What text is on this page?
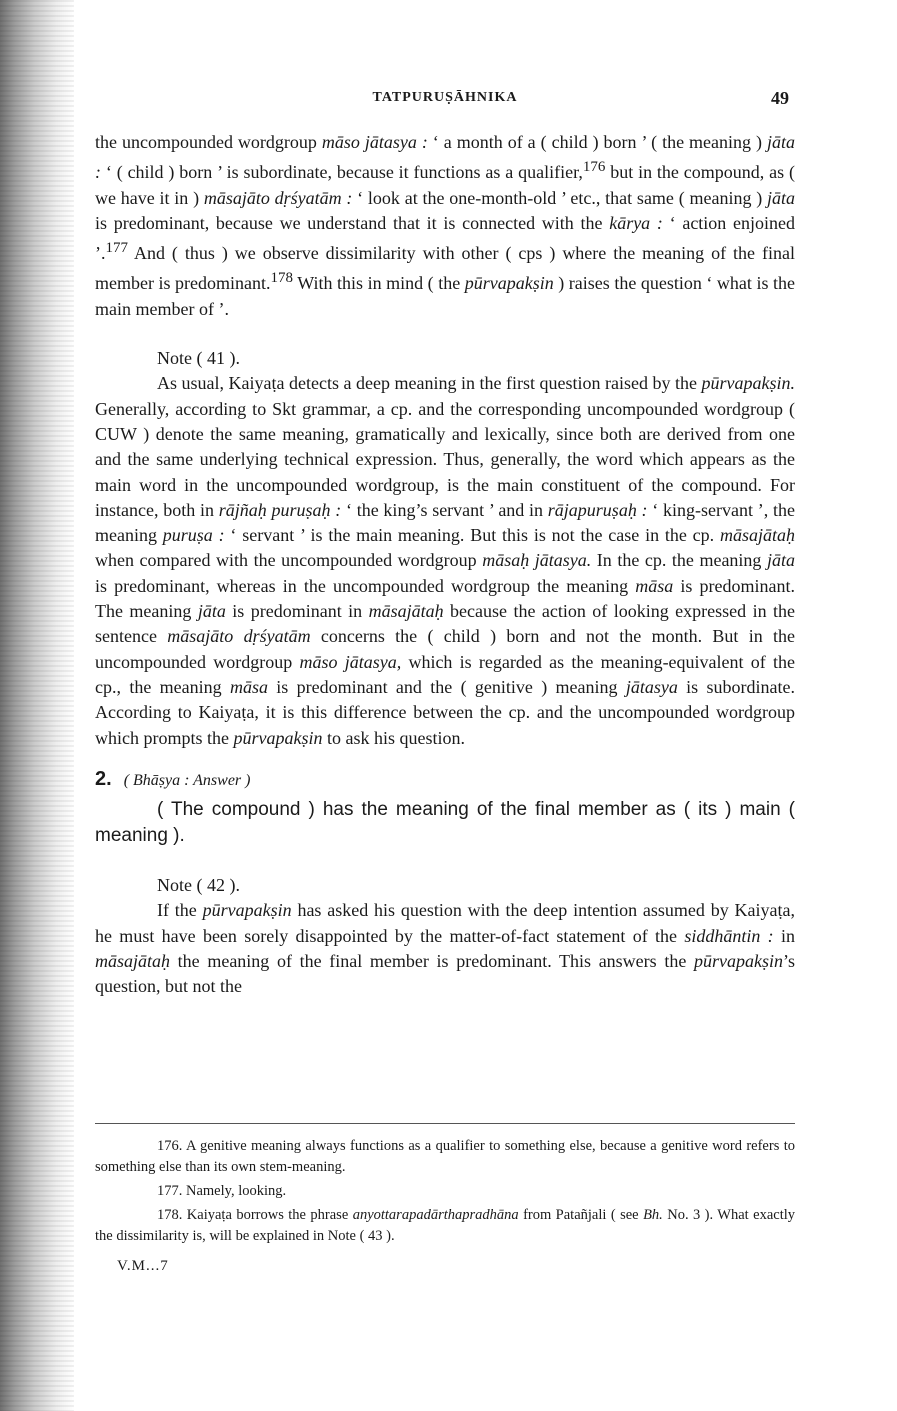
TATPURUṢĀHNIKA	49

the uncompounded wordgroup māso jātasya : ‘ a month of a ( child ) born ’ ( the meaning ) jāta : ‘ ( child ) born ’ is subordinate, because it functions as a qualifier,$^{176}$ but in the compound, as ( we have it in ) māsajāto dṛśyatām : ‘ look at the one-month-old ’ etc., that same ( meaning ) jāta is predominant, because we understand that it is connected with the kārya : ‘ action enjoined ’.$^{177}$ And ( thus ) we observe dissimilarity with other ( cps ) where the meaning of the final member is predominant.$^{178}$ With this in mind ( the pūrvapakṣin ) raises the question ‘ what is the main member of ’.

Note ( 41 ).

As usual, Kaiyaṭa detects a deep meaning in the first question raised by the pūrvapakṣin. Generally, according to Skt grammar, a cp. and the corresponding uncompounded wordgroup ( CUW ) denote the same meaning, gramatically and lexically, since both are derived from one and the same underlying technical expression. Thus, generally, the word which appears as the main word in the uncompounded wordgroup, is the main constituent of the compound. For instance, both in rājñaḥ puruṣaḥ : ‘ the king’s servant ’ and in rājapuruṣaḥ : ‘ king-servant ’, the meaning puruṣa : ‘ servant ’ is the main meaning. But this is not the case in the cp. māsajātaḥ when compared with the uncompounded wordgroup māsaḥ jātasya. In the cp. the meaning jāta is predominant, whereas in the uncompounded wordgroup the meaning māsa is predominant. The meaning jāta is predominant in māsajātaḥ because the action of looking expressed in the sentence māsajāto dṛśyatām concerns the ( child ) born and not the month. But in the uncompounded wordgroup māso jātasya, which is regarded as the meaning-equivalent of the cp., the meaning māsa is predominant and the ( genitive ) meaning jātasya is subordinate. According to Kaiyaṭa, it is this difference between the cp. and the uncompounded wordgroup which prompts the pūrvapakṣin to ask his question.

2. ( Bhāṣya : Answer )

( The compound ) has the meaning of the final member as ( its ) main ( meaning ).

Note ( 42 ).

If the pūrvapakṣin has asked his question with the deep intention assumed by Kaiyaṭa, he must have been sorely disappointed by the matter-of-fact statement of the siddhāntin : in māsajātaḥ the meaning of the final member is predominant. This answers the pūrvapakṣin’s question, but not the

176. A genitive meaning always functions as a qualifier to something else, because a genitive word refers to something else than its own stem-meaning.

177. Namely, looking.

178. Kaiyaṭa borrows the phrase anyottarapadārthapradhāna from Patañjali ( see Bh. No. 3 ). What exactly the dissimilarity is, will be explained in Note ( 43 ).

V.M...7
